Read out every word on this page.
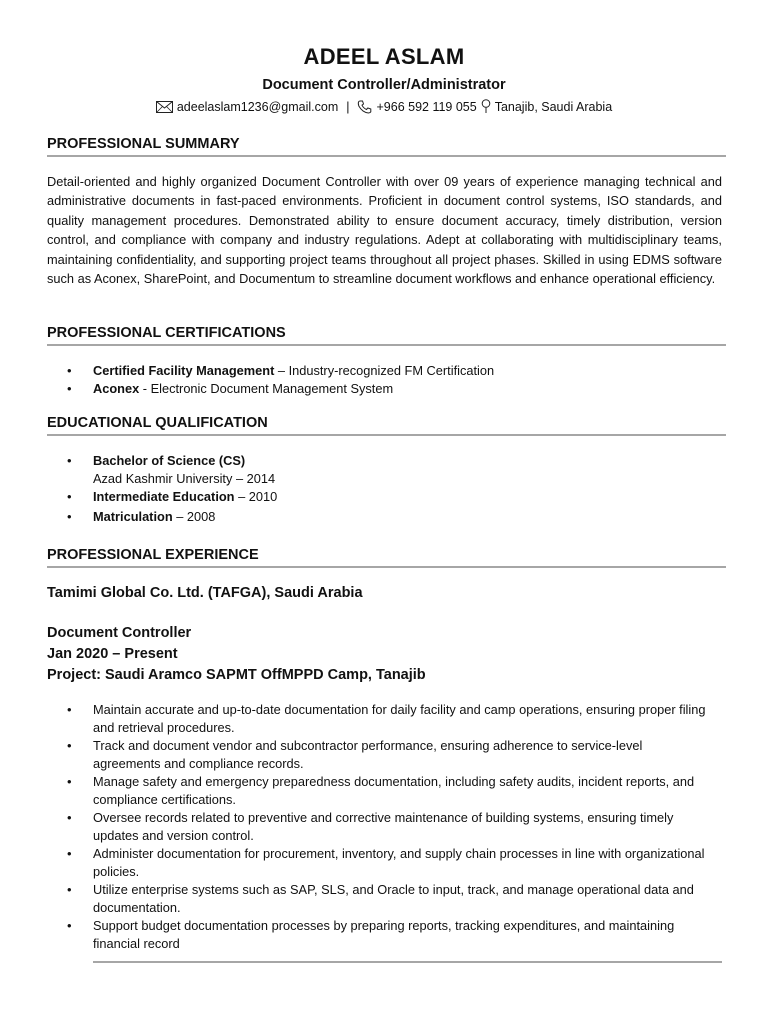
ADEEL ASLAM
Document Controller/Administrator
adeelaslam1236@gmail.com | +966 592 119 055 Tanajib, Saudi Arabia
PROFESSIONAL SUMMARY
Detail-oriented and highly organized Document Controller with over 09 years of experience managing technical and administrative documents in fast-paced environments. Proficient in document control systems, ISO standards, and quality management procedures. Demonstrated ability to ensure document accuracy, timely distribution, version control, and compliance with company and industry regulations. Adept at collaborating with multidisciplinary teams, maintaining confidentiality, and supporting project teams throughout all project phases. Skilled in using EDMS software such as Aconex, SharePoint, and Documentum to streamline document workflows and enhance operational efficiency.
PROFESSIONAL CERTIFICATIONS
• Certified Facility Management – Industry-recognized FM Certification
• Aconex - Electronic Document Management System
EDUCATIONAL QUALIFICATION
• Bachelor of Science (CS)
Azad Kashmir University – 2014
• Intermediate Education – 2010
• Matriculation – 2008
PROFESSIONAL EXPERIENCE
Tamimi Global Co. Ltd. (TAFGA), Saudi Arabia
Document Controller
Jan 2020 – Present
Project: Saudi Aramco SAPMT OffMPPD Camp, Tanajib
• Maintain accurate and up-to-date documentation for daily facility and camp operations, ensuring proper filing and retrieval procedures.
• Track and document vendor and subcontractor performance, ensuring adherence to service-level agreements and compliance records.
• Manage safety and emergency preparedness documentation, including safety audits, incident reports, and compliance certifications.
• Oversee records related to preventive and corrective maintenance of building systems, ensuring timely updates and version control.
• Administer documentation for procurement, inventory, and supply chain processes in line with organizational policies.
• Utilize enterprise systems such as SAP, SLS, and Oracle to input, track, and manage operational data and documentation.
• Support budget documentation processes by preparing reports, tracking expenditures, and maintaining financial record
